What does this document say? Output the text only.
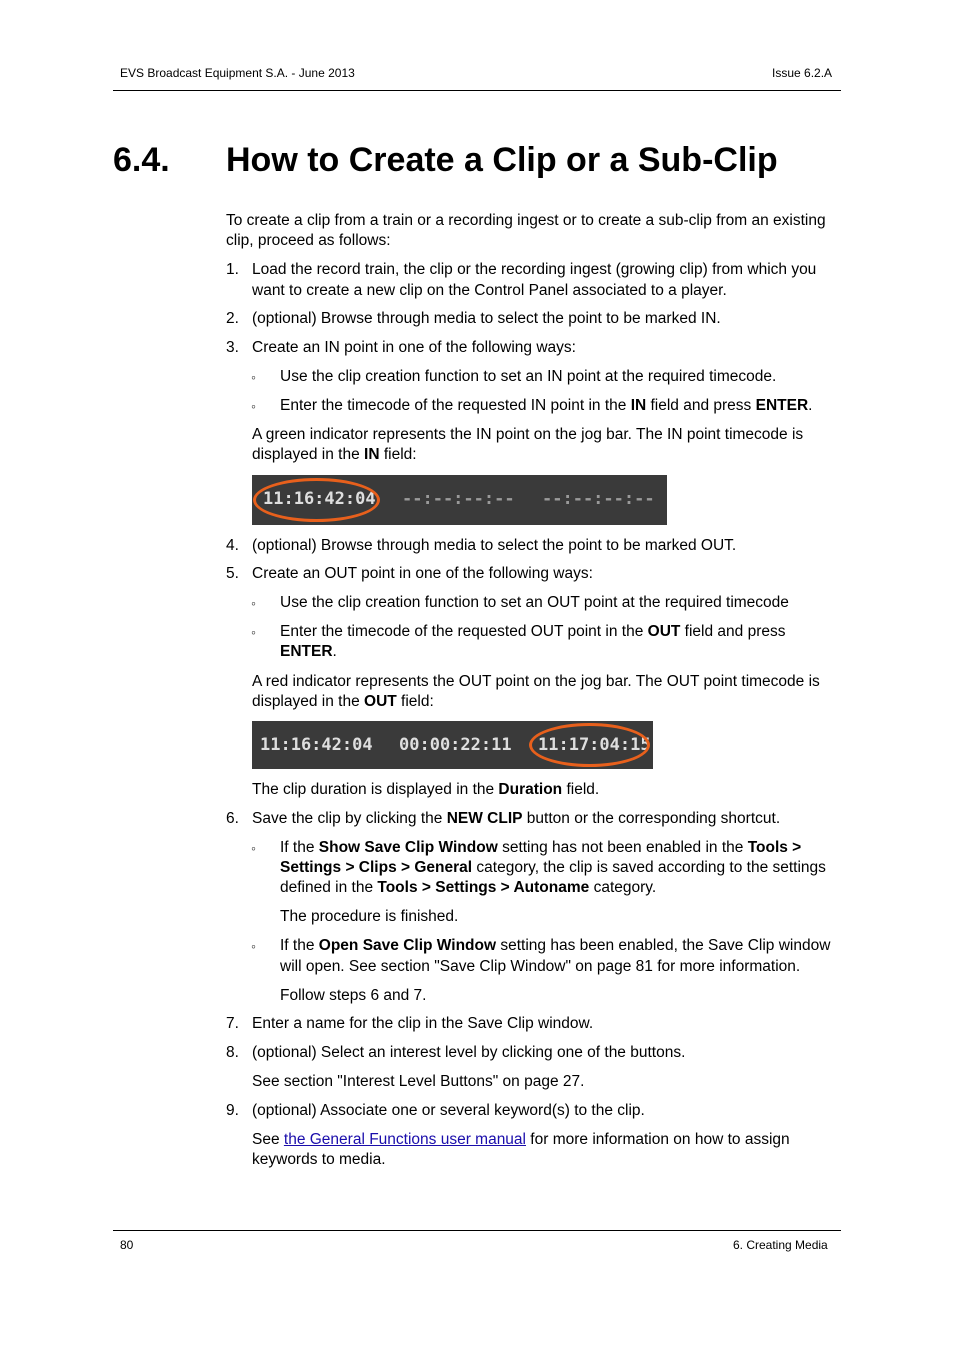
EVS Broadcast Equipment S.A. - June 2013	Issue 6.2.A
6.4. How to Create a Clip or a Sub-Clip
To create a clip from a train or a recording ingest or to create a sub-clip from an existing
clip, proceed as follows:
1. Load the record train, the clip or the recording ingest (growing clip) from which you
want to create a new clip on the Control Panel associated to a player.
2. (optional) Browse through media to select the point to be marked IN.
3. Create an IN point in one of the following ways:
◦ Use the clip creation function to set an IN point at the required timecode.
◦ Enter the timecode of the requested IN point in the IN field and press ENTER.
A green indicator represents the IN point on the jog bar. The IN point timecode is
displayed in the IN field:
11:16:42:04 --:--:--:-- --:--:--:--
4. (optional) Browse through media to select the point to be marked OUT.
5. Create an OUT point in one of the following ways:
◦ Use the clip creation function to set an OUT point at the required timecode
◦ Enter the timecode of the requested OUT point in the OUT field and press
ENTER.
A red indicator represents the OUT point on the jog bar. The OUT point timecode is
displayed in the OUT field:
11:16:42:04 00:00:22:11 11:17:04:15
The clip duration is displayed in the Duration field.
6. Save the clip by clicking the NEW CLIP button or the corresponding shortcut.
◦ If the Show Save Clip Window setting has not been enabled in the Tools >
Settings > Clips > General category, the clip is saved according to the settings
defined in the Tools > Settings > Autoname category.
The procedure is finished.
◦ If the Open Save Clip Window setting has been enabled, the Save Clip window
will open. See section "Save Clip Window" on page 81 for more information.
Follow steps 6 and 7.
7. Enter a name for the clip in the Save Clip window.
8. (optional) Select an interest level by clicking one of the buttons.
See section "Interest Level Buttons" on page 27.
9. (optional) Associate one or several keyword(s) to the clip.
See the General Functions user manual for more information on how to assign
keywords to media.
80	6. Creating Media
